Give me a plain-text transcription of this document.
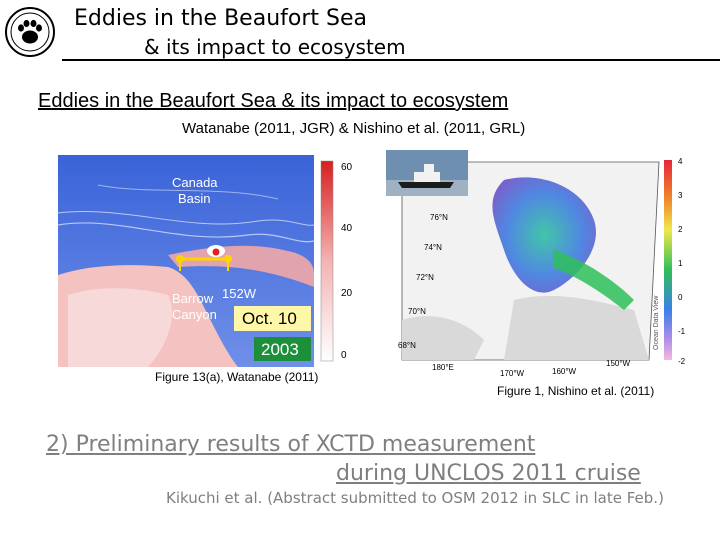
Eddies in the Beaufort Sea
& its impact to ecosystem
Eddies in the Beaufort Sea & its impact to ecosystem
Watanabe (2011, JGR) & Nishino et al. (2011, GRL)
Canada
Basin
Barrow
Canyon
152W
Oct. 10
2003
60
40
20
0
Figure 13(a), Watanabe (2011)
76°N
74°N
72°N
70°N
68°N
180°E
170°W	160°W
150°W
4
3
2
1
0
-1
-2
Ocean Data View
Figure 1, Nishino et al. (2011)
2) Preliminary results of XCTD measurement
during UNCLOS 2011 cruise
Kikuchi et al. (Abstract submitted to OSM 2012 in SLC in late Feb.)
